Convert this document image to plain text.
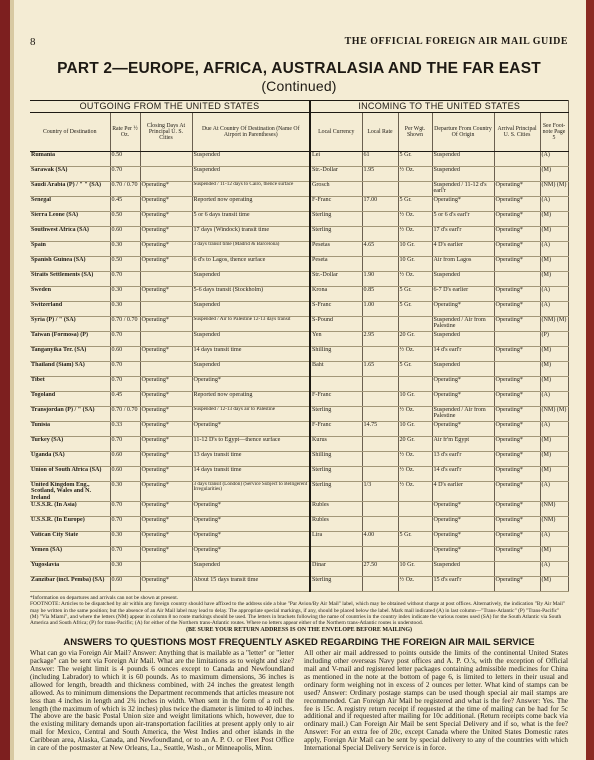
8	THE OFFICIAL FOREIGN AIR MAIL GUIDE
PART 2—EUROPE, AFRICA, AUSTRALASIA AND THE FAR EAST (Continued)
OUTGOING FROM THE UNITED STATES				INCOMING TO THE UNITED STATES					
Country of Destination	Rate Per ½ Oz.	Closing Days At Principal U. S. Cities	Due At Country Of Destination (Name Of Airport in Parentheses)	Local Currency	Local Rate	Per Wgt. Shown	Departure From Country Of Origin	Arrival Principal U. S. Cities	See Foot-note Page 5
Rumania	0.50		Suspended	Lei	61	5 Gr.	Suspended		(A)
Sarawak (SA)	0.70		Suspended	Str.-Dollar	1.95	½ Oz.	Suspended		(M)
Saudi Arabia (P) / " " (SA)	0.70 / 0.70	Operating*	Suspended / 11-12 days to Cairo, thence surface	Grosch			Suspended / 11-12 d's earl'r	Operating*	(NM) (M)
Senegal	0.45	Operating*	Reported now operating	F-Franc	17.00	5 Gr.	Operating*	Operating*	(A)
Sierra Leone (SA)	0.50	Operating*	5 or 6 days transit time	Sterling		½ Oz.	5 or 6 d's earl'r	Operating*	(M)
Southwest Africa (SA)	0.60	Operating*	17 days (Windock) transit time	Sterling		½ Oz.	17 d's earl'r	Operating*	(M)
Spain	0.30	Operating*	3 days transit time (Madrid & Barcelona)	Pesetas	4.65	10 Gr.	4 D's earlier	Operating*	(A)
Spanish Guinea (SA)	0.50	Operating*	6 d's to Lagos, thence surface	Peseta		10 Gr.	Air from Lagos	Operating*	(M)
Straits Settlements (SA)	0.70		Suspended	Str.-Dollar	1.90	½ Oz.	Suspended		(M)
Sweden	0.30	Operating*	5-6 days transit (Stockholm)	Krona	0.85	5 Gr.	6-7 D's earlier	Operating*	(A)
Switzerland	0.30		Suspended	S-Franc	1.00	5 Gr.	Operating*	Operating*	(A)
Syria (P) / " (SA)	0.70 / 0.70	Operating*	Suspended / Air to Palestine 12-13 days transit	S-Pound			Suspended / Air from Palestine	Operating*	(NM) (M)
Taiwan (Formosa) (P)	0.70		Suspended	Yen	2.95	20 Gr.	Suspended		(P)
Tanganyika Ter. (SA)	0.60	Operating*	14 days transit time	Shilling		½ Oz.	14 d's earl'r	Operating*	(M)
Thailand (Siam) SA)	0.70		Suspended	Baht	1.65	5 Gr.	Suspended		(M)
Tibet	0.70	Operating*	Operating*				Operating*	Operating*	(M)
Togoland	0.45	Operating*	Reported now operating	F-Franc		10 Gr.	Operating*	Operating*	(A)
Transjordan (P) / " (SA)	0.70 / 0.70	Operating*	Suspended / 12-13 days air to Palestine	Sterling		½ Oz.	Suspended / Air from Palestine	Operating*	(NM) (M)
Tunisia	0.33	Operating*	Operating*	F-Franc	14.75	10 Gr.	Operating*	Operating*	(A)
Turkey (SA)	0.70	Operating*	11-12 D's to Egypt—thence surface	Kurus		20 Gr.	Air fr'm Egypt	Operating*	(M)
Uganda (SA)	0.60	Operating*	13 days transit time	Shilling		½ Oz.	13 d's earl'r	Operating*	(M)
Union of South Africa (SA)	0.60	Operating*	14 days transit time	Sterling		½ Oz.	14 d's earl'r	Operating*	(M)
United Kingdom Eng., Scotland, Wales and N. Ireland	0.30	Operating*	3 days transit (London) (Service Subject to Belligerent Irregularities)	Sterling	1/3	½ Oz.	4 D's earlier	Operating*	(A)
U.S.S.R. (In Asia)	0.70	Operating*	Operating*	Rubles			Operating*	Operating*	(NM)
U.S.S.R. (In Europe)	0.70	Operating*	Operating*	Rubles			Operating*	Operating*	(NM)
Vatican City State	0.30	Operating*	Operating*	Lira	4.00	5 Gr.	Operating*	Operating*	(A)
Yemen (SA)	0.70	Operating*	Operating*				Operating*	Operating*	(M)
Yugoslavia	0.30		Suspended	Dinar	27.50	10 Gr.	Suspended		(A)
Zanzibar (incl. Pemba) (SA)	0.60	Operating*	About 15 days transit time	Sterling		½ Oz.	15 d's earl'r	Operating*	(M)
*Information on departures and arrivals can not be shown at present.
FOOTNOTE: Articles to be dispatched by air within any foreign country should have affixed to the address side a blue "Par Avion/By Air Mail" label, which may be obtained without charge at post offices. Alternatively, the indication "By Air Mail" may be written in the same position; but the absence of an Air Mail label may lead to delay. The appropriate special markings, if any, should be placed below the label. Mark mail indicated (A) in last column—"Trans-Atlantic" (P) "Trans-Pacific" (M) "Via Miami", and where the letters (NM) appear in column 8 no route markings should be used. The letters in brackets following the name of countries in the country index indicate the various routes used (SA) for the South Atlantic via South America and South Africa; (P) for trans-Pacific; (A) for either of the Northern trans-Atlantic routes. Where no letters appear either of the Northern trans-Atlantic routes is understood.
(BE SURE YOUR RETURN ADDRESS IS ON THE ENVELOPE BEFORE MAILING)
ANSWERS TO QUESTIONS MOST FREQUENTLY ASKED REGARDING THE FOREIGN AIR MAIL SERVICE
What can go via Foreign Air Mail? Answer: Anything that is mailable as a "letter" or "letter package" can be sent via Foreign Air Mail. What are the limitations as to weight and size? Answer: The weight limit is 4 pounds 6 ounces except to Canada and Newfoundland (including Labrador) to which it is 60 pounds. As to maximum dimensions, 36 inches is allowed for length, breadth and thickness combined, with 24 inches the greatest length allowed. As to minimum dimensions the Department recommends that articles measure not less than 4 inches in length and 2¾ inches in width. When sent in the form of a roll the length (the maximum of which is 32 inches) plus twice the diameter is limited to 40 inches. The above are the basic Postal Union size and weight limitations which, however, due to the existing military demands upon air-transportation facilities at present apply only to air mail for Mexico, Central and South America, the West Indies and other islands in the Caribbean area, Alaska, Canada, and Newfoundland, or to an A. P. O. or Fleet Post Office in care of the postmaster at New Orleans, La., Seattle, Wash., or Minneapolis, Minn.
All other air mail addressed to points outside the limits of the continental United States including other overseas Navy post offices and A. P. O.'s, with the exception of Official mail and V-mail and registered letter packages containing admissible medicines for China as mentioned in the note at the bottom of page 6, is limited to letters in their usual and ordinary form weighing not in excess of 2 ounces per letter. What kind of stamps can be used? Answer: Ordinary postage stamps can be used though special air mail stamps are recommended. Can Foreign Air Mail be registered and what is the fee? Answer: Yes. The fee is 15c. A registry return receipt if requested at the time of mailing can be had for 5c additional and if requested after mailing for 10c additional. (Return receipts come back via ordinary mail.) Can Foreign Air Mail be sent Special Delivery and if so, what is the fee? Answer: For an extra fee of 20c, except Canada where the United States Domestic rates apply, Foreign Air Mail can be sent by special delivery to any of the countries with which International Special Delivery Service is in force.
